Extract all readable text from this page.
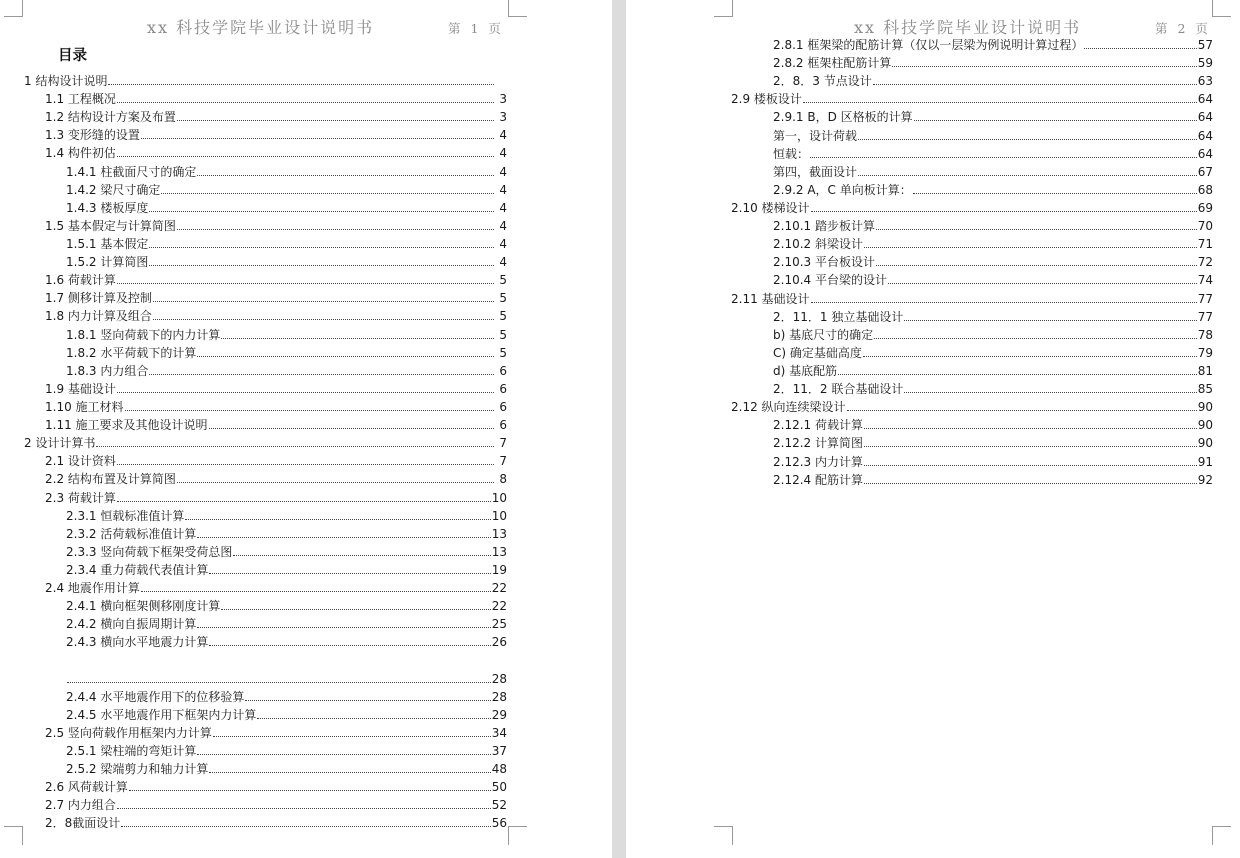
xx 科技学院毕业设计说明书	第 1 页
目录
1 结构设计说明
1.1 工程概况	3
1.2 结构设计方案及布置	3
1.3 变形缝的设置	4
1.4 构件初估	4
1.4.1 柱截面尺寸的确定	4
1.4.2 梁尺寸确定	4
1.4.3 楼板厚度	4
1.5 基本假定与计算简图	4
1.5.1 基本假定	4
1.5.2 计算简图	4
1.6 荷载计算	5
1.7 侧移计算及控制	5
1.8 内力计算及组合	5
1.8.1 竖向荷载下的内力计算	5
1.8.2 水平荷载下的计算	5
1.8.3 内力组合	6
1.9 基础设计	6
1.10 施工材料	6
1.11 施工要求及其他设计说明	6
2 设计计算书	7
2.1 设计资料	7
2.2 结构布置及计算简图	8
2.3 荷载计算	10
2.3.1 恒载标准值计算	10
2.3.2 活荷载标准值计算	13
2.3.3 竖向荷载下框架受荷总图	13
2.3.4 重力荷载代表值计算	19
2.4 地震作用计算	22
2.4.1 横向框架侧移刚度计算	22
2.4.2 横向自振周期计算	25
2.4.3 横向水平地震力计算	26
28
2.4.4 水平地震作用下的位移验算	28
2.4.5 水平地震作用下框架内力计算	29
2.5 竖向荷载作用框架内力计算	34
2.5.1 梁柱端的弯矩计算	37
2.5.2 梁端剪力和轴力计算	48
2.6 风荷载计算	50
2.7 内力组合	52
2．8截面设计	56
xx 科技学院毕业设计说明书	第 2 页
2.8.1 框架梁的配筋计算（仅以一层梁为例说明计算过程）	57
2.8.2 框架柱配筋计算	59
2．8．3 节点设计	63
2.9 楼板设计	64
2.9.1 B，D 区格板的计算	64
第一，设计荷载	64
恒载：	64
第四，截面设计	67
2.9.2 A，C 单向板计算：	68
2.10 楼梯设计	69
2.10.1 踏步板计算	70
2.10.2 斜梁设计	71
2.10.3 平台板设计	72
2.10.4 平台梁的设计	74
2.11 基础设计	77
2．11．1 独立基础设计	77
b) 基底尺寸的确定	78
C) 确定基础高度	79
d) 基底配筋	81
2．11．2 联合基础设计	85
2.12 纵向连续梁设计	90
2.12.1 荷载计算	90
2.12.2 计算简图	90
2.12.3 内力计算	91
2.12.4 配筋计算	92
